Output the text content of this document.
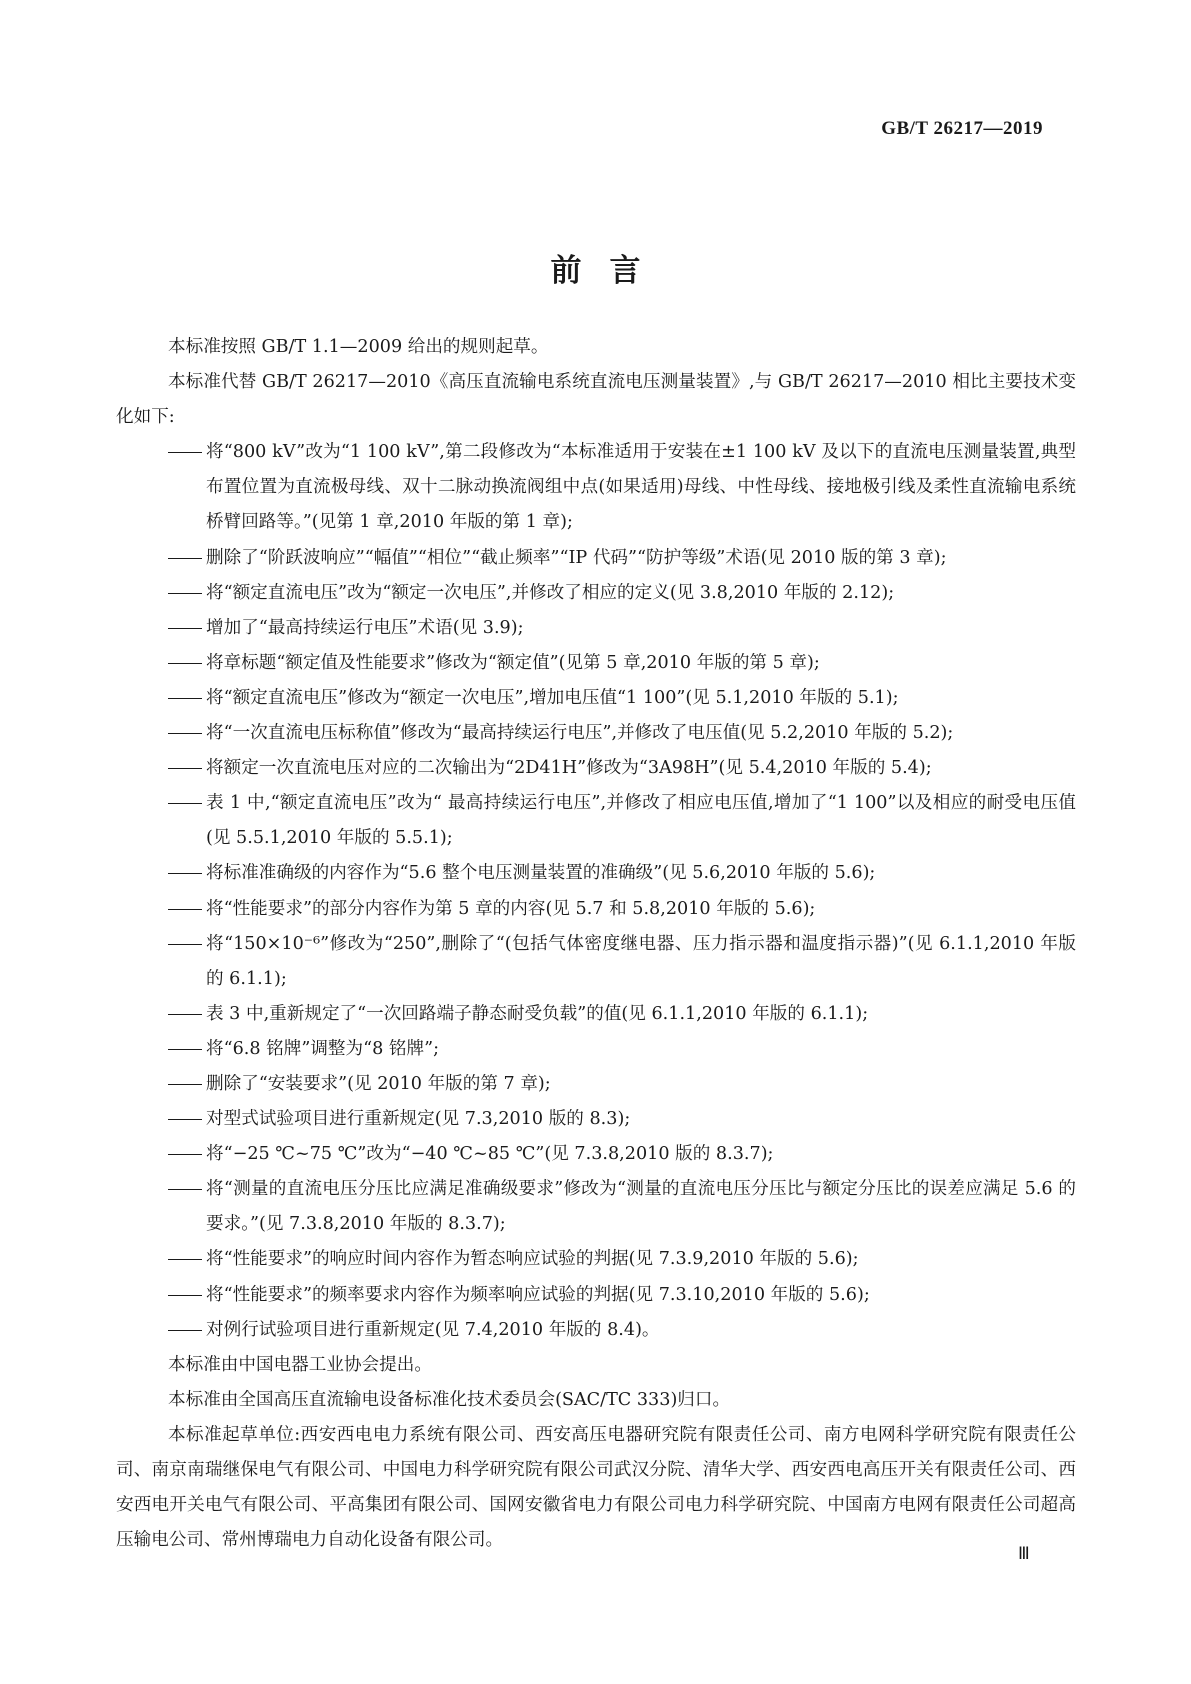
GB/T 26217—2019
前言

本标准按照 GB/T 1.1—2009 给出的规则起草。

本标准代替 GB/T 26217—2010《高压直流输电系统直流电压测量装置》,与 GB/T 26217—2010 相比主要技术变化如下:

将“800 kV”改为“1 100 kV”,第二段修改为“本标准适用于安装在±1 100 kV 及以下的直流电压测量装置,典型布置位置为直流极母线、双十二脉动换流阀组中点(如果适用)母线、中性母线、接地极引线及柔性直流输电系统桥臂回路等。”(见第 1 章,2010 年版的第 1 章);
删除了“阶跃波响应”“幅值”“相位”“截止频率”“IP 代码”“防护等级”术语(见 2010 版的第 3 章);
将“额定直流电压”改为“额定一次电压”,并修改了相应的定义(见 3.8,2010 年版的 2.12);
增加了“最高持续运行电压”术语(见 3.9);
将章标题“额定值及性能要求”修改为“额定值”(见第 5 章,2010 年版的第 5 章);
将“额定直流电压”修改为“额定一次电压”,增加电压值“1 100”(见 5.1,2010 年版的 5.1);
将“一次直流电压标称值”修改为“最高持续运行电压”,并修改了电压值(见 5.2,2010 年版的 5.2);
将额定一次直流电压对应的二次输出为“2D41H”修改为“3A98H”(见 5.4,2010 年版的 5.4);
表 1 中,“额定直流电压”改为“ 最高持续运行电压”,并修改了相应电压值,增加了“1 100”以及相应的耐受电压值(见 5.5.1,2010 年版的 5.5.1);
将标准准确级的内容作为“5.6 整个电压测量装置的准确级”(见 5.6,2010 年版的 5.6);
将“性能要求”的部分内容作为第 5 章的内容(见 5.7 和 5.8,2010 年版的 5.6);
将“150×10⁻⁶”修改为“250”,删除了“(包括气体密度继电器、压力指示器和温度指示器)”(见 6.1.1,2010 年版的 6.1.1);
表 3 中,重新规定了“一次回路端子静态耐受负载”的值(见 6.1.1,2010 年版的 6.1.1);
将“6.8 铭牌”调整为“8 铭牌”;
删除了“安装要求”(见 2010 年版的第 7 章);
对型式试验项目进行重新规定(见 7.3,2010 版的 8.3);
将“−25 ℃~75 ℃”改为“−40 ℃~85 ℃”(见 7.3.8,2010 版的 8.3.7);
将“测量的直流电压分压比应满足准确级要求”修改为“测量的直流电压分压比与额定分压比的误差应满足 5.6 的要求。”(见 7.3.8,2010 年版的 8.3.7);
将“性能要求”的响应时间内容作为暂态响应试验的判据(见 7.3.9,2010 年版的 5.6);
将“性能要求”的频率要求内容作为频率响应试验的判据(见 7.3.10,2010 年版的 5.6);
对例行试验项目进行重新规定(见 7.4,2010 年版的 8.4)。

本标准由中国电器工业协会提出。

本标准由全国高压直流输电设备标准化技术委员会(SAC/TC 333)归口。

本标准起草单位:西安西电电力系统有限公司、西安高压电器研究院有限责任公司、南方电网科学研究院有限责任公司、南京南瑞继保电气有限公司、中国电力科学研究院有限公司武汉分院、清华大学、西安西电高压开关有限责任公司、西安西电开关电气有限公司、平高集团有限公司、国网安徽省电力有限公司电力科学研究院、中国南方电网有限责任公司超高压输电公司、常州博瑞电力自动化设备有限公司。

Ⅲ
